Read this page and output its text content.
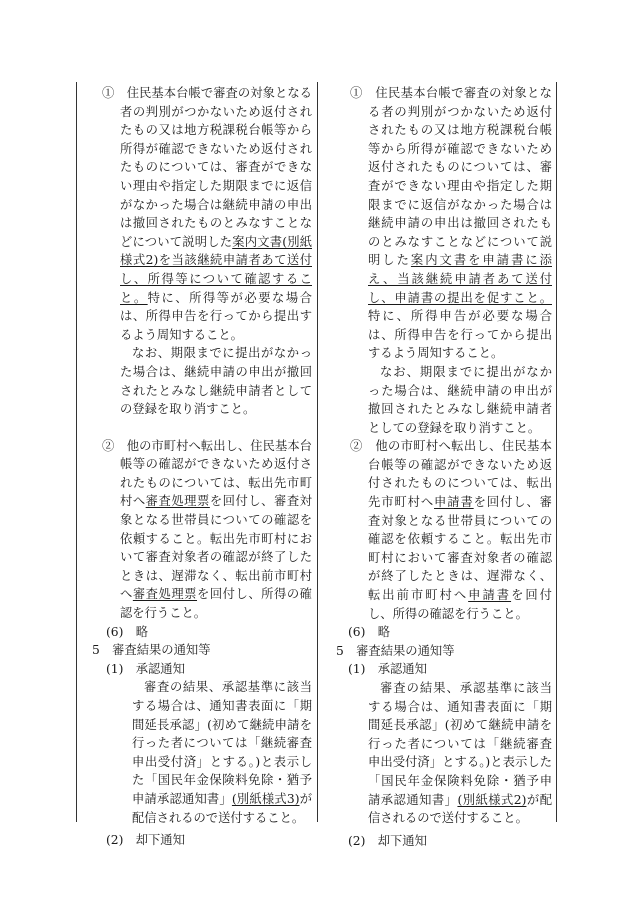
①　 住民基本台帳で審査の対象となる者の判別がつかないため返付されたもの又は地方税課税台帳等から所得が確認できないため返付されたものについては、審査ができない理由や指定した期限までに返信がなかった場合は継続申請の申出は撤回されたものとみなすことなどについて説明した案内文書(別紙様式2)を当該継続申請者あて送付し、所得等について確認すること。特に、所得等が必要な場合は、所得申告を行ってから提出するよう周知すること。

なお、期限までに提出がなかった場合は、継続申請の申出が撤回されたとみなし継続申請者としての登録を取り消すこと。

②　 他の市町村へ転出し、住民基本台帳等の確認ができないため返付されたものについては、転出先市町村へ審査処理票を回付し、審査対象となる世帯員についての確認を依頼すること。転出先市町村において審査対象者の確認が終了したときは、遅滞なく、転出前市町村へ審査処理票を回付し、所得の確認を行うこと。

(6)　略

5　審査結果の通知等

(1)　承認通知

審査の結果、承認基準に該当する場合は、通知書表面に「期間延長承認」(初めて継続申請を行った者については「継続審査申出受付済」とする。)と表示した「国民年金保険料免除・猶予申請承認通知書」(別紙様式3)が配信されるので送付すること。

(2)　却下通知

①　 住民基本台帳で審査の対象となる者の判別がつかないため返付されたもの又は地方税課税台帳等から所得が確認できないため返付されたものについては、審査ができない理由や指定した期限までに返信がなかった場合は継続申請の申出は撤回されたものとみなすことなどについて説明した案内文書を申請書に添え、当該継続申請者あて送付し、申請書の提出を促すこと。特に、所得申告が必要な場合は、所得申告を行ってから提出するよう周知すること。

なお、期限までに提出がなかった場合は、継続申請の申出が撤回されたとみなし継続申請者としての登録を取り消すこと。

②　 他の市町村へ転出し、住民基本台帳等の確認ができないため返付されたものについては、転出先市町村へ申請書を回付し、審査対象となる世帯員についての確認を依頼すること。転出先市町村において審査対象者の確認が終了したときは、遅滞なく、転出前市町村へ申請書を回付し、所得の確認を行うこと。

(6)　略

5　審査結果の通知等

(1)　承認通知

審査の結果、承認基準に該当する場合は、通知書表面に「期間延長承認」(初めて継続申請を行った者については「継続審査申出受付済」とする。)と表示した「国民年金保険料免除・猶予申請承認通知書」(別紙様式2)が配信されるので送付すること。

(2)　却下通知
